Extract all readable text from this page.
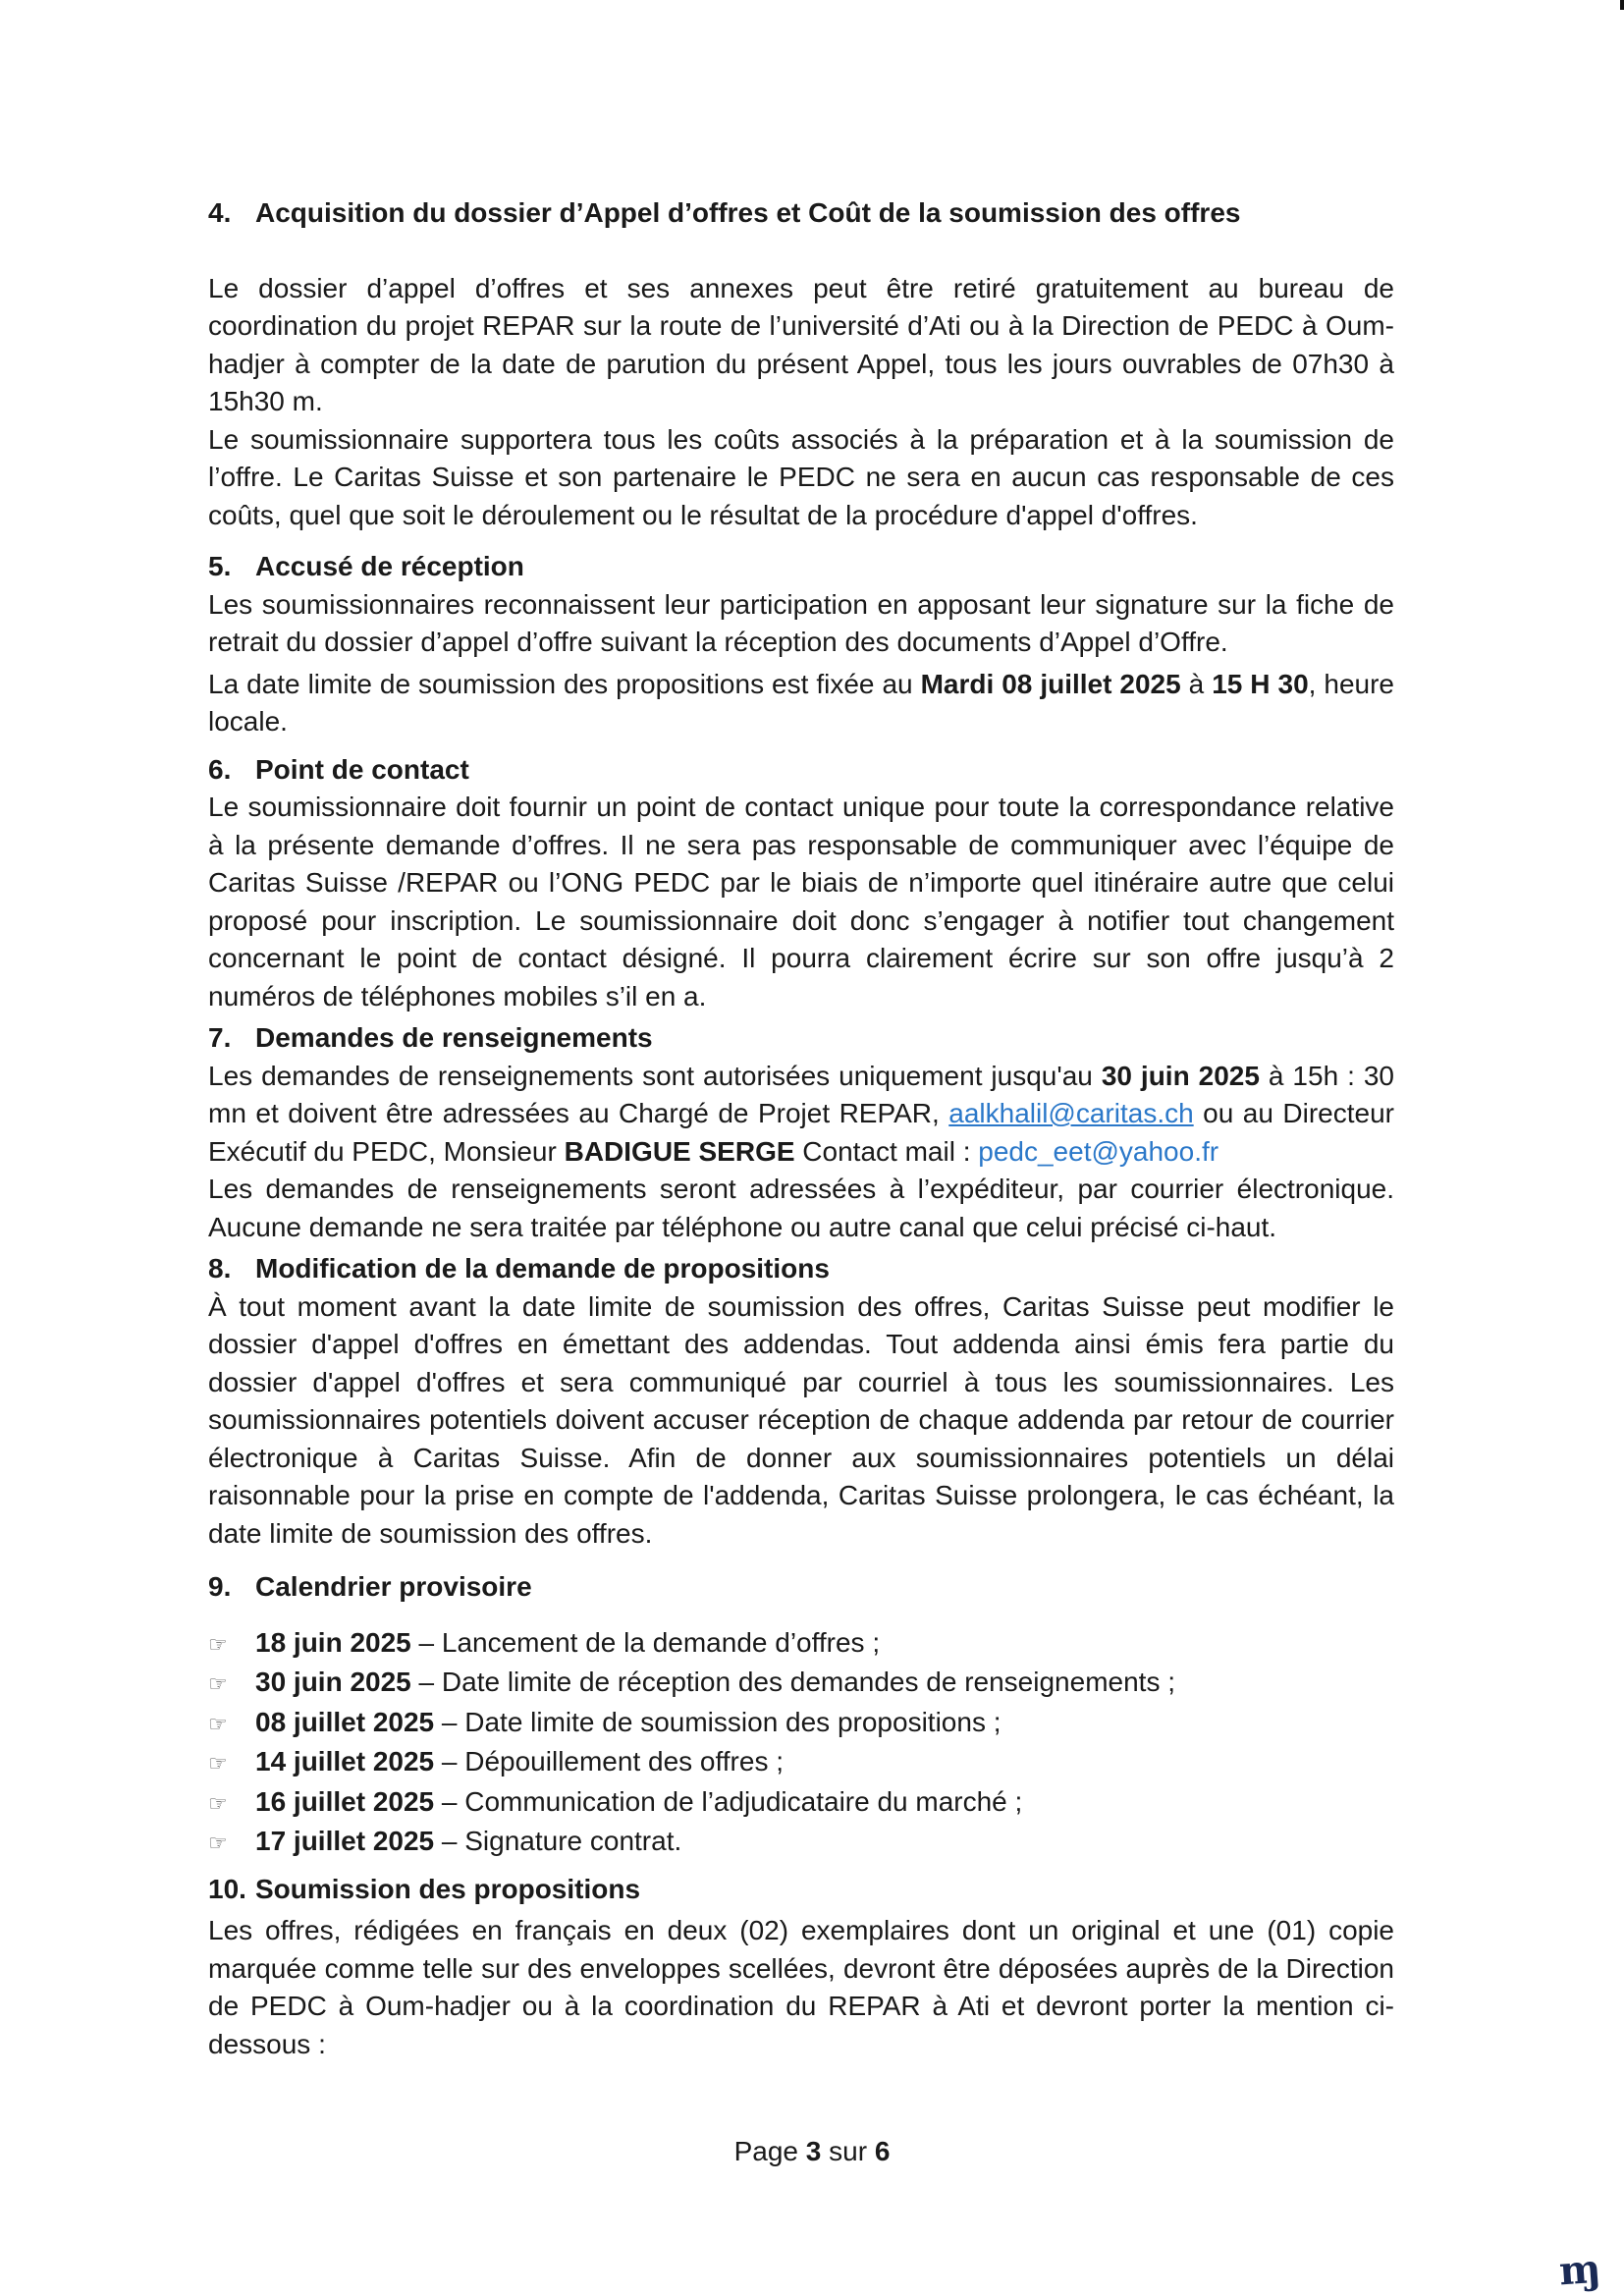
4. Acquisition du dossier d’Appel d’offres et Coût de la soumission des offres

Le dossier d’appel d’offres et ses annexes peut être retiré gratuitement au bureau de coordination du projet REPAR sur la route de l’université d’Ati ou à la Direction de PEDC à Oum-hadjer à compter de la date de parution du présent Appel, tous les jours ouvrables de 07h30 à 15h30 m.

Le soumissionnaire supportera tous les coûts associés à la préparation et à la soumission de l’offre. Le Caritas Suisse et son partenaire le PEDC ne sera en aucun cas responsable de ces coûts, quel que soit le déroulement ou le résultat de la procédure d'appel d'offres.

5. Accusé de réception

Les soumissionnaires reconnaissent leur participation en apposant leur signature sur la fiche de retrait du dossier d’appel d’offre suivant la réception des documents d’Appel d’Offre.

La date limite de soumission des propositions est fixée au Mardi 08 juillet 2025 à 15 H 30, heure locale.

6. Point de contact

Le soumissionnaire doit fournir un point de contact unique pour toute la correspondance relative à la présente demande d’offres. Il ne sera pas responsable de communiquer avec l’équipe de Caritas Suisse /REPAR ou l’ONG PEDC par le biais de n’importe quel itinéraire autre que celui proposé pour inscription. Le soumissionnaire doit donc s’engager à notifier tout changement concernant le point de contact désigné. Il pourra clairement écrire sur son offre jusqu’à 2 numéros de téléphones mobiles s’il en a.

7. Demandes de renseignements

Les demandes de renseignements sont autorisées uniquement jusqu'au 30 juin 2025 à 15h : 30 mn et doivent être adressées au Chargé de Projet REPAR, aalkhalil@caritas.ch ou au Directeur Exécutif du PEDC, Monsieur BADIGUE SERGE Contact mail : pedc_eet@yahoo.fr

Les demandes de renseignements seront adressées à l’expéditeur, par courrier électronique. Aucune demande ne sera traitée par téléphone ou autre canal que celui précisé ci-haut.

8. Modification de la demande de propositions

À tout moment avant la date limite de soumission des offres, Caritas Suisse peut modifier le dossier d'appel d'offres en émettant des addendas. Tout addenda ainsi émis fera partie du dossier d'appel d'offres et sera communiqué par courriel à tous les soumissionnaires. Les soumissionnaires potentiels doivent accuser réception de chaque addenda par retour de courrier électronique à Caritas Suisse. Afin de donner aux soumissionnaires potentiels un délai raisonnable pour la prise en compte de l'addenda, Caritas Suisse prolongera, le cas échéant, la date limite de soumission des offres.

9. Calendrier provisoire
☞	18 juin 2025 – Lancement de la demande d’offres ;
☞	30 juin 2025 – Date limite de réception des demandes de renseignements ;
☞	08 juillet 2025 – Date limite de soumission des propositions ;
☞	14 juillet 2025 – Dépouillement des offres ;
☞	16 juillet 2025 – Communication de l’adjudicataire du marché ;
☞	17 juillet 2025 – Signature contrat.
10. Soumission des propositions

Les offres, rédigées en français en deux (02) exemplaires dont un original et une (01) copie marquée comme telle sur des enveloppes scellées, devront être déposées auprès de la Direction de PEDC à Oum-hadjer ou à la coordination du REPAR à Ati et devront porter la mention ci-dessous :

Page 3 sur 6
ɱ
